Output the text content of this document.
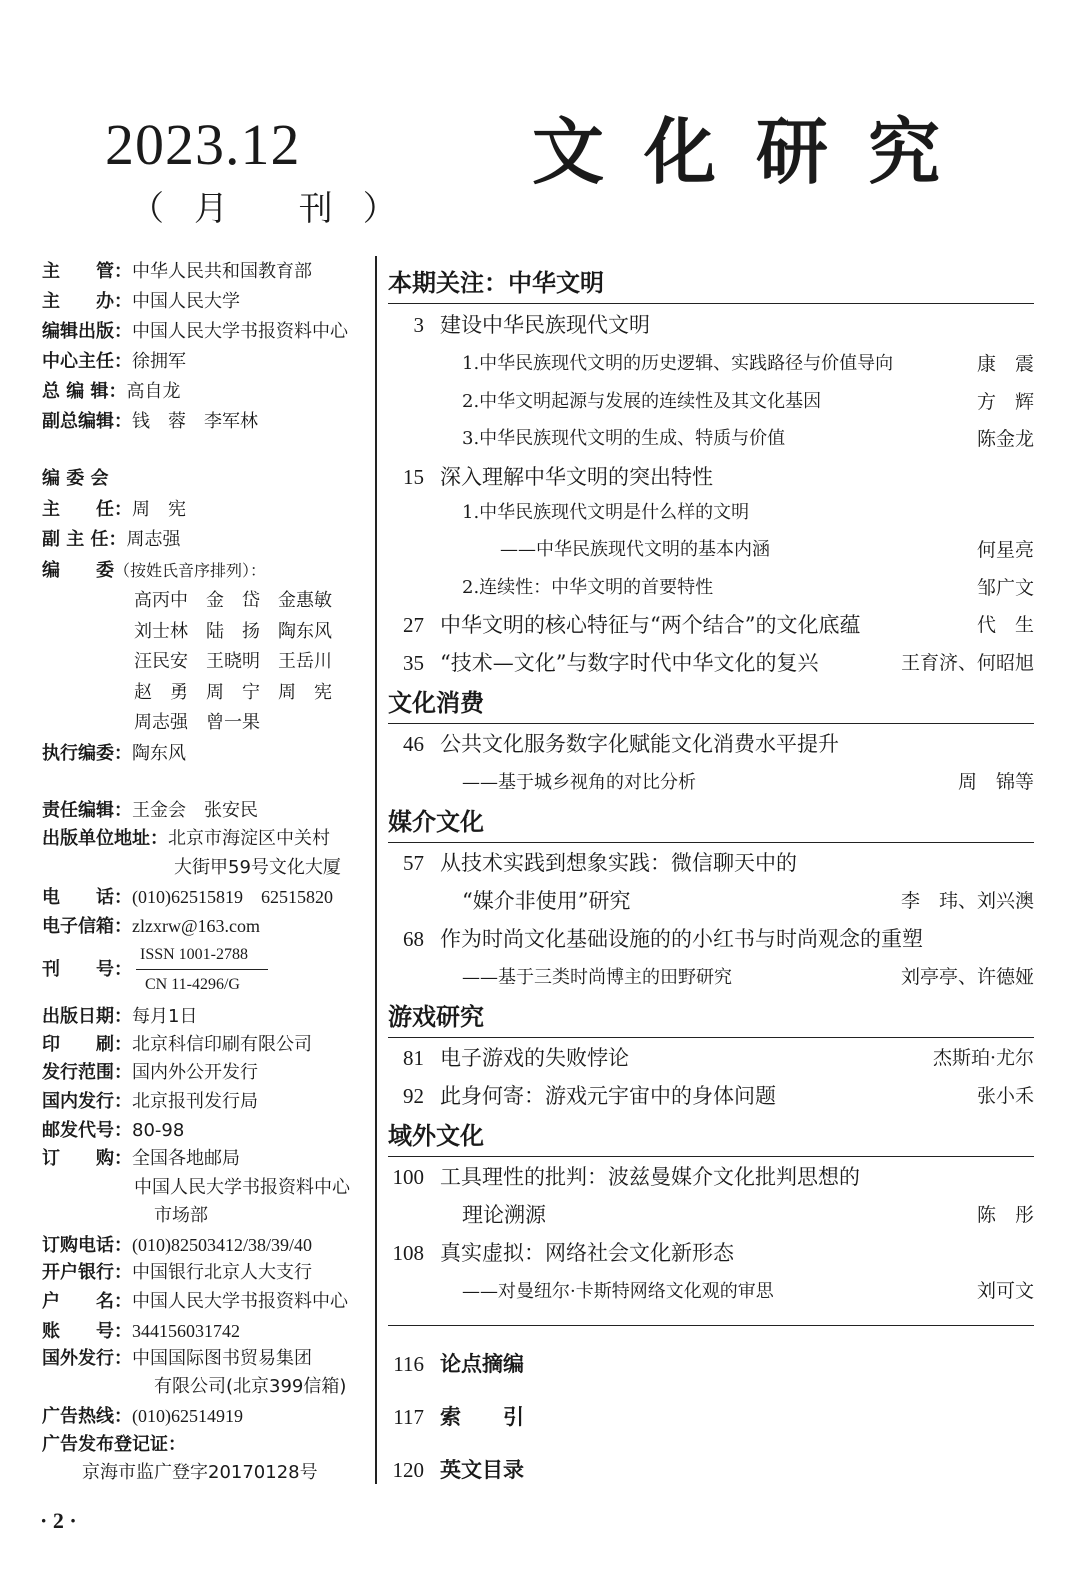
2023.12
（月 刊）
文化研究
主　　管：中华人民共和国教育部
主　　办：中国人民大学
编辑出版：中国人民大学书报资料中心
中心主任：徐拥军
总 编 辑：高自龙
副总编辑：钱　蓉　李军林
编 委 会
主　　任：周　宪
副 主 任：周志强
编　　委（按姓氏音序排列）：
高丙中　金　岱　金惠敏
刘士林　陆　扬　陶东风
汪民安　王晓明　王岳川
赵　勇　周　宁　周　宪
周志强　曾一果
执行编委：陶东风
责任编辑：王金会　张安民
出版单位地址：北京市海淀区中关村
大街甲59号文化大厦
电　　话：(010)62515819　62515820
电子信箱：zlzxrw@163.com
刊　　号：
ISSN 1001-2788
CN 11-4296/G
出版日期：每月1日
印　　刷：北京科信印刷有限公司
发行范围：国内外公开发行
国内发行：北京报刊发行局
邮发代号：80-98
订　　购：全国各地邮局
中国人民大学书报资料中心
市场部
订购电话：(010)82503412/38/39/40
开户银行：中国银行北京人大支行
户　　名：中国人民大学书报资料中心
账　　号：344156031742
国外发行：中国国际图书贸易集团
有限公司(北京399信箱)
广告热线：(010)62514919
广告发布登记证：
京海市监广登字20170128号
本期关注：中华文明
3 建设中华民族现代文明
1.中华民族现代文明的历史逻辑、实践路径与价值导向	康　震
2.中华文明起源与发展的连续性及其文化基因	方　辉
3.中华民族现代文明的生成、特质与价值	陈金龙
15 深入理解中华文明的突出特性
1.中华民族现代文明是什么样的文明
——中华民族现代文明的基本内涵	何星亮
2.连续性：中华文明的首要特性	邹广文
27 中华文明的核心特征与“两个结合”的文化底蕴	代　生
35 “技术—文化”与数字时代中华文化的复兴	王育济、何昭旭
文化消费
46 公共文化服务数字化赋能文化消费水平提升
——基于城乡视角的对比分析	周　锦等
媒介文化
57 从技术实践到想象实践：微信聊天中的
“媒介非使用”研究	李　玮、刘兴澳
68 作为时尚文化基础设施的的小红书与时尚观念的重塑
——基于三类时尚博主的田野研究	刘亭亭、许德娅
游戏研究
81 电子游戏的失败悖论	杰斯珀·尤尔
92 此身何寄：游戏元宇宙中的身体问题	张小禾
域外文化
100 工具理性的批判：波兹曼媒介文化批判思想的
理论溯源	陈　彤
108 真实虚拟：网络社会文化新形态
——对曼纽尔·卡斯特网络文化观的审思	刘可文
116 论点摘编
117 索　　引
120 英文目录
· 2 ·
